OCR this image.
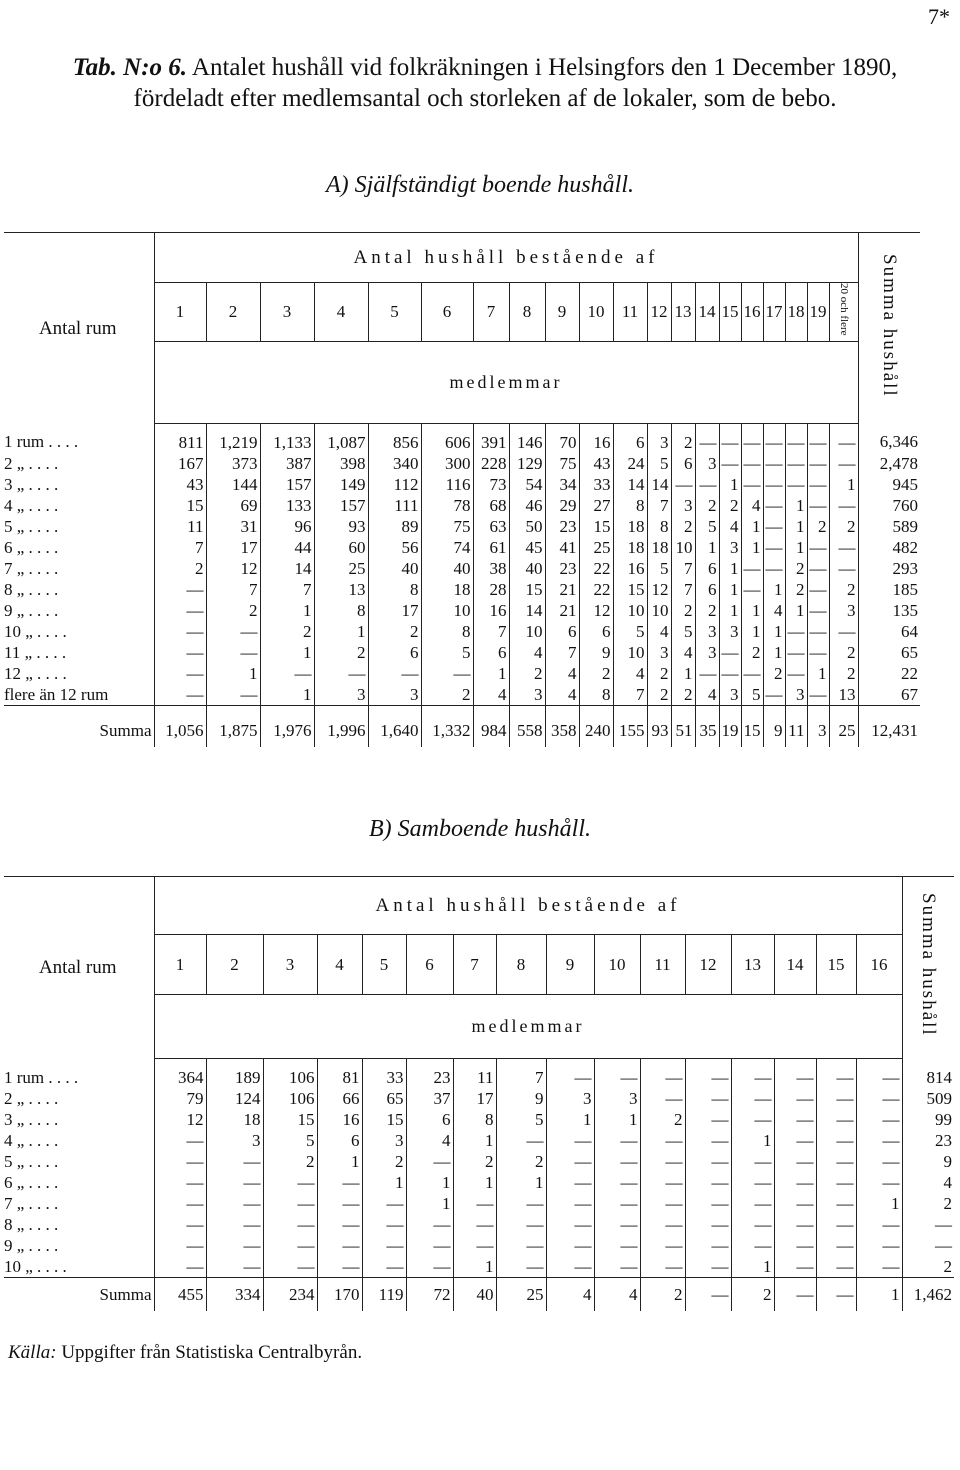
7*
Tab. N:o 6. Antalet hushåll vid folkräkningen i Helsingfors den 1 December 1890, fördeladt efter medlemsantal och storleken af de lokaler, som de bebo.
A) Själfständigt boende hushåll.
Antal rum	Antal hushåll bestående af																				Summa hushåll
	1	2	3	4	5	6	7	8	9	10	11	12	13	14	15	16	17	18	19	20 och flere	
	medlemmar																				
1 rum . . . .	811	1,219	1,133	1,087	856	606	391	146	70	16	6	3	2	—	—	—	—	—	—	—	6,346
2 „ . . . .	167	373	387	398	340	300	228	129	75	43	24	5	6	3	—	—	—	—	—	—	2,478
3 „ . . . .	43	144	157	149	112	116	73	54	34	33	14	14	—	—	1	—	—	—	—	1	945
4 „ . . . .	15	69	133	157	111	78	68	46	29	27	8	7	3	2	2	4	—	1	—	—	760
5 „ . . . .	11	31	96	93	89	75	63	50	23	15	18	8	2	5	4	1	—	1	2	2	589
6 „ . . . .	7	17	44	60	56	74	61	45	41	25	18	18	10	1	3	1	—	1	—	—	482
7 „ . . . .	2	12	14	25	40	40	38	40	23	22	16	5	7	6	1	—	—	2	—	—	293
8 „ . . . .	—	7	7	13	8	18	28	15	21	22	15	12	7	6	1	—	1	2	—	2	185
9 „ . . . .	—	2	1	8	17	10	16	14	21	12	10	10	2	2	1	1	4	1	—	3	135
10 „ . . . .	—	—	2	1	2	8	7	10	6	6	5	4	5	3	3	1	1	—	—	—	64
11 „ . . . .	—	—	1	2	6	5	6	4	7	9	10	3	4	3	—	2	1	—	—	2	65
12 „ . . . .	—	1	—	—	—	—	1	2	4	2	4	2	1	—	—	—	2	—	1	2	22
flere än 12 rum	—	—	1	3	3	2	4	3	4	8	7	2	2	4	3	5	—	3	—	13	67
Summa	1,056	1,875	1,976	1,996	1,640	1,332	984	558	358	240	155	93	51	35	19	15	9	11	3	25	12,431
B) Samboende hushåll.
Antal rum	Antal hushåll bestående af																Summa hushåll
	1	2	3	4	5	6	7	8	9	10	11	12	13	14	15	16	
	medlemmar																
1 rum . . . .	364	189	106	81	33	23	11	7	—	—	—	—	—	—	—	—	814
2 „ . . . .	79	124	106	66	65	37	17	9	3	3	—	—	—	—	—	—	509
3 „ . . . .	12	18	15	16	15	6	8	5	1	1	2	—	—	—	—	—	99
4 „ . . . .	—	3	5	6	3	4	1	—	—	—	—	—	1	—	—	—	23
5 „ . . . .	—	—	2	1	2	—	2	2	—	—	—	—	—	—	—	—	9
6 „ . . . .	—	—	—	—	1	1	1	1	—	—	—	—	—	—	—	—	4
7 „ . . . .	—	—	—	—	—	1	—	—	—	—	—	—	—	—	—	1	2
8 „ . . . .	—	—	—	—	—	—	—	—	—	—	—	—	—	—	—	—	—
9 „ . . . .	—	—	—	—	—	—	—	—	—	—	—	—	—	—	—	—	—
10 „ . . . .	—	—	—	—	—	—	1	—	—	—	—	—	1	—	—	—	2
Summa	455	334	234	170	119	72	40	25	4	4	2	—	2	—	—	1	1,462
Källa: Uppgifter från Statistiska Centralbyrån.
